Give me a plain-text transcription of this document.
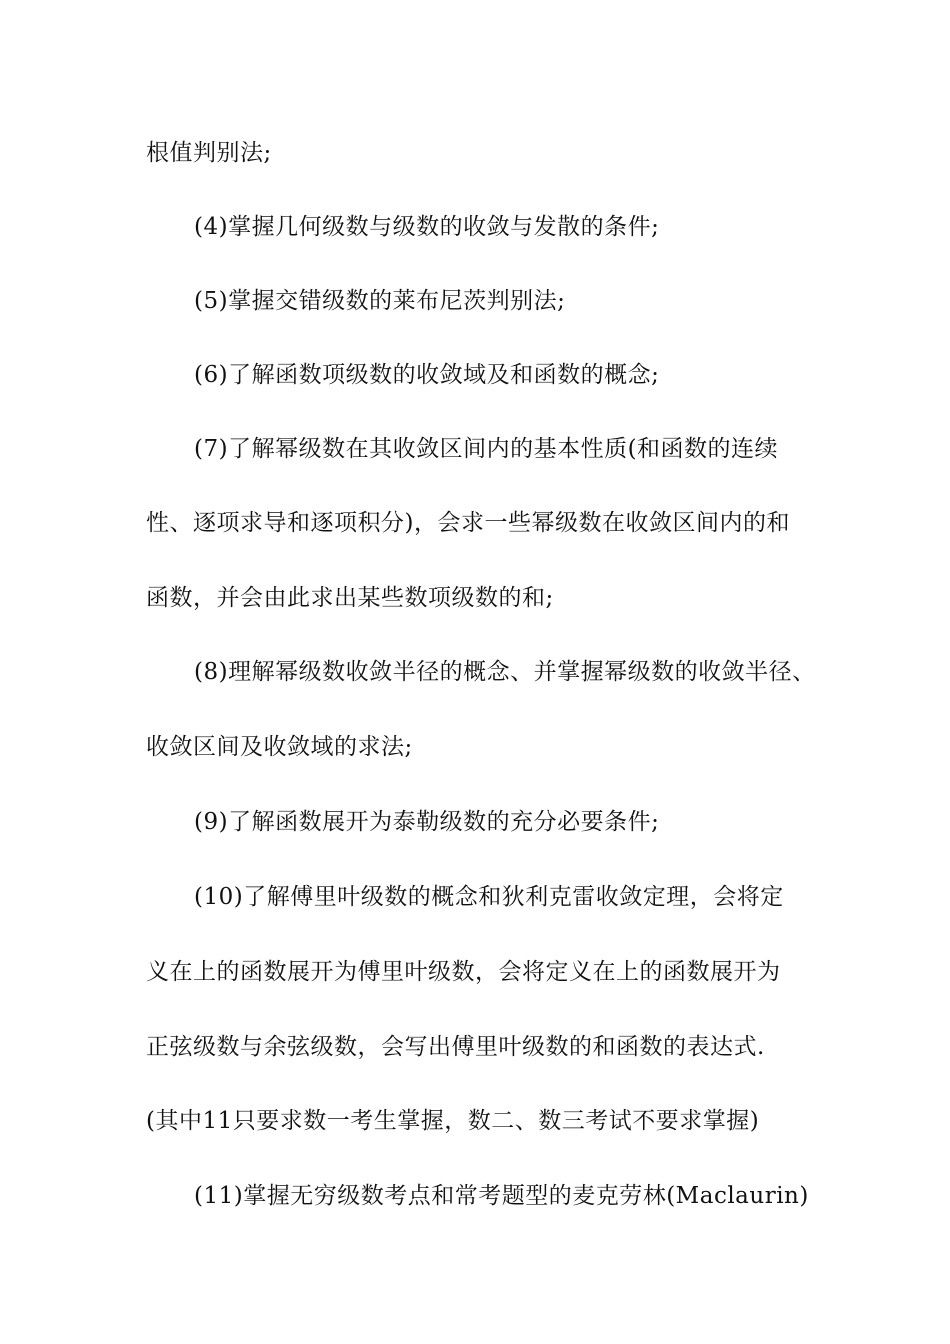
根值判别法;
(4)掌握几何级数与级数的收敛与发散的条件;
(5)掌握交错级数的莱布尼茨判别法;
(6)了解函数项级数的收敛域及和函数的概念;
(7)了解幂级数在其收敛区间内的基本性质(和函数的连续
性、逐项求导和逐项积分)，会求一些幂级数在收敛区间内的和
函数，并会由此求出某些数项级数的和;
(8)理解幂级数收敛半径的概念、并掌握幂级数的收敛半径、
收敛区间及收敛域的求法;
(9)了解函数展开为泰勒级数的充分必要条件;
(10)了解傅里叶级数的概念和狄利克雷收敛定理，会将定
义在上的函数展开为傅里叶级数，会将定义在上的函数展开为
正弦级数与余弦级数，会写出傅里叶级数的和函数的表达式.
(其中11只要求数一考生掌握，数二、数三考试不要求掌握)
(11)掌握无穷级数考点和常考题型的麦克劳林(Maclaurin)
